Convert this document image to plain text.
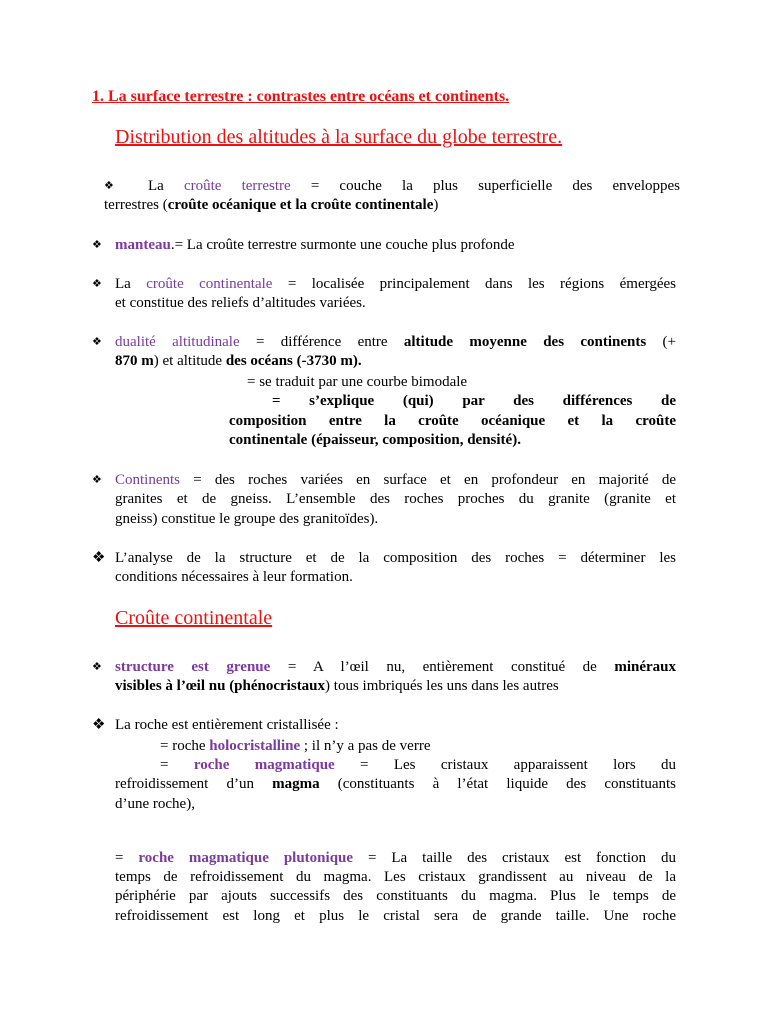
1. La surface terrestre : contrastes entre océans et continents.
Distribution des altitudes à la surface du globe terrestre.
❖ La croûte terrestre = couche la plus superficielle des enveloppes
terrestres (croûte océanique et la croûte continentale)
❖ manteau.= La croûte terrestre surmonte une couche plus profonde
❖ La croûte continentale = localisée principalement dans les régions émergées
et constitue des reliefs d’altitudes variées.
❖ dualité altitudinale = différence entre altitude moyenne des continents (+
870 m) et altitude des océans (-3730 m).
= se traduit par une courbe bimodale
= s’explique (qui) par des différences de
composition entre la croûte océanique et la croûte
continentale (épaisseur, composition, densité).
❖ Continents = des roches variées en surface et en profondeur en majorité de
granites et de gneiss. L’ensemble des roches proches du granite (granite et
gneiss) constitue le groupe des granitoïdes).
❖ L’analyse de la structure et de la composition des roches = déterminer les
conditions nécessaires à leur formation.
Croûte continentale
❖ structure est grenue = A l’œil nu, entièrement constitué de minéraux
visibles à l’œil nu (phénocristaux) tous imbriqués les uns dans les autres
❖ La roche est entièrement cristallisée :
= roche holocristalline ; il n’y a pas de verre
= roche magmatique = Les cristaux apparaissent lors du
refroidissement d’un magma (constituants à l’état liquide des constituants
d’une roche),
= roche magmatique plutonique = La taille des cristaux est fonction du
temps de refroidissement du magma. Les cristaux grandissent au niveau de la
périphérie par ajouts successifs des constituants du magma. Plus le temps de
refroidissement est long et plus le cristal sera de grande taille. Une roche
